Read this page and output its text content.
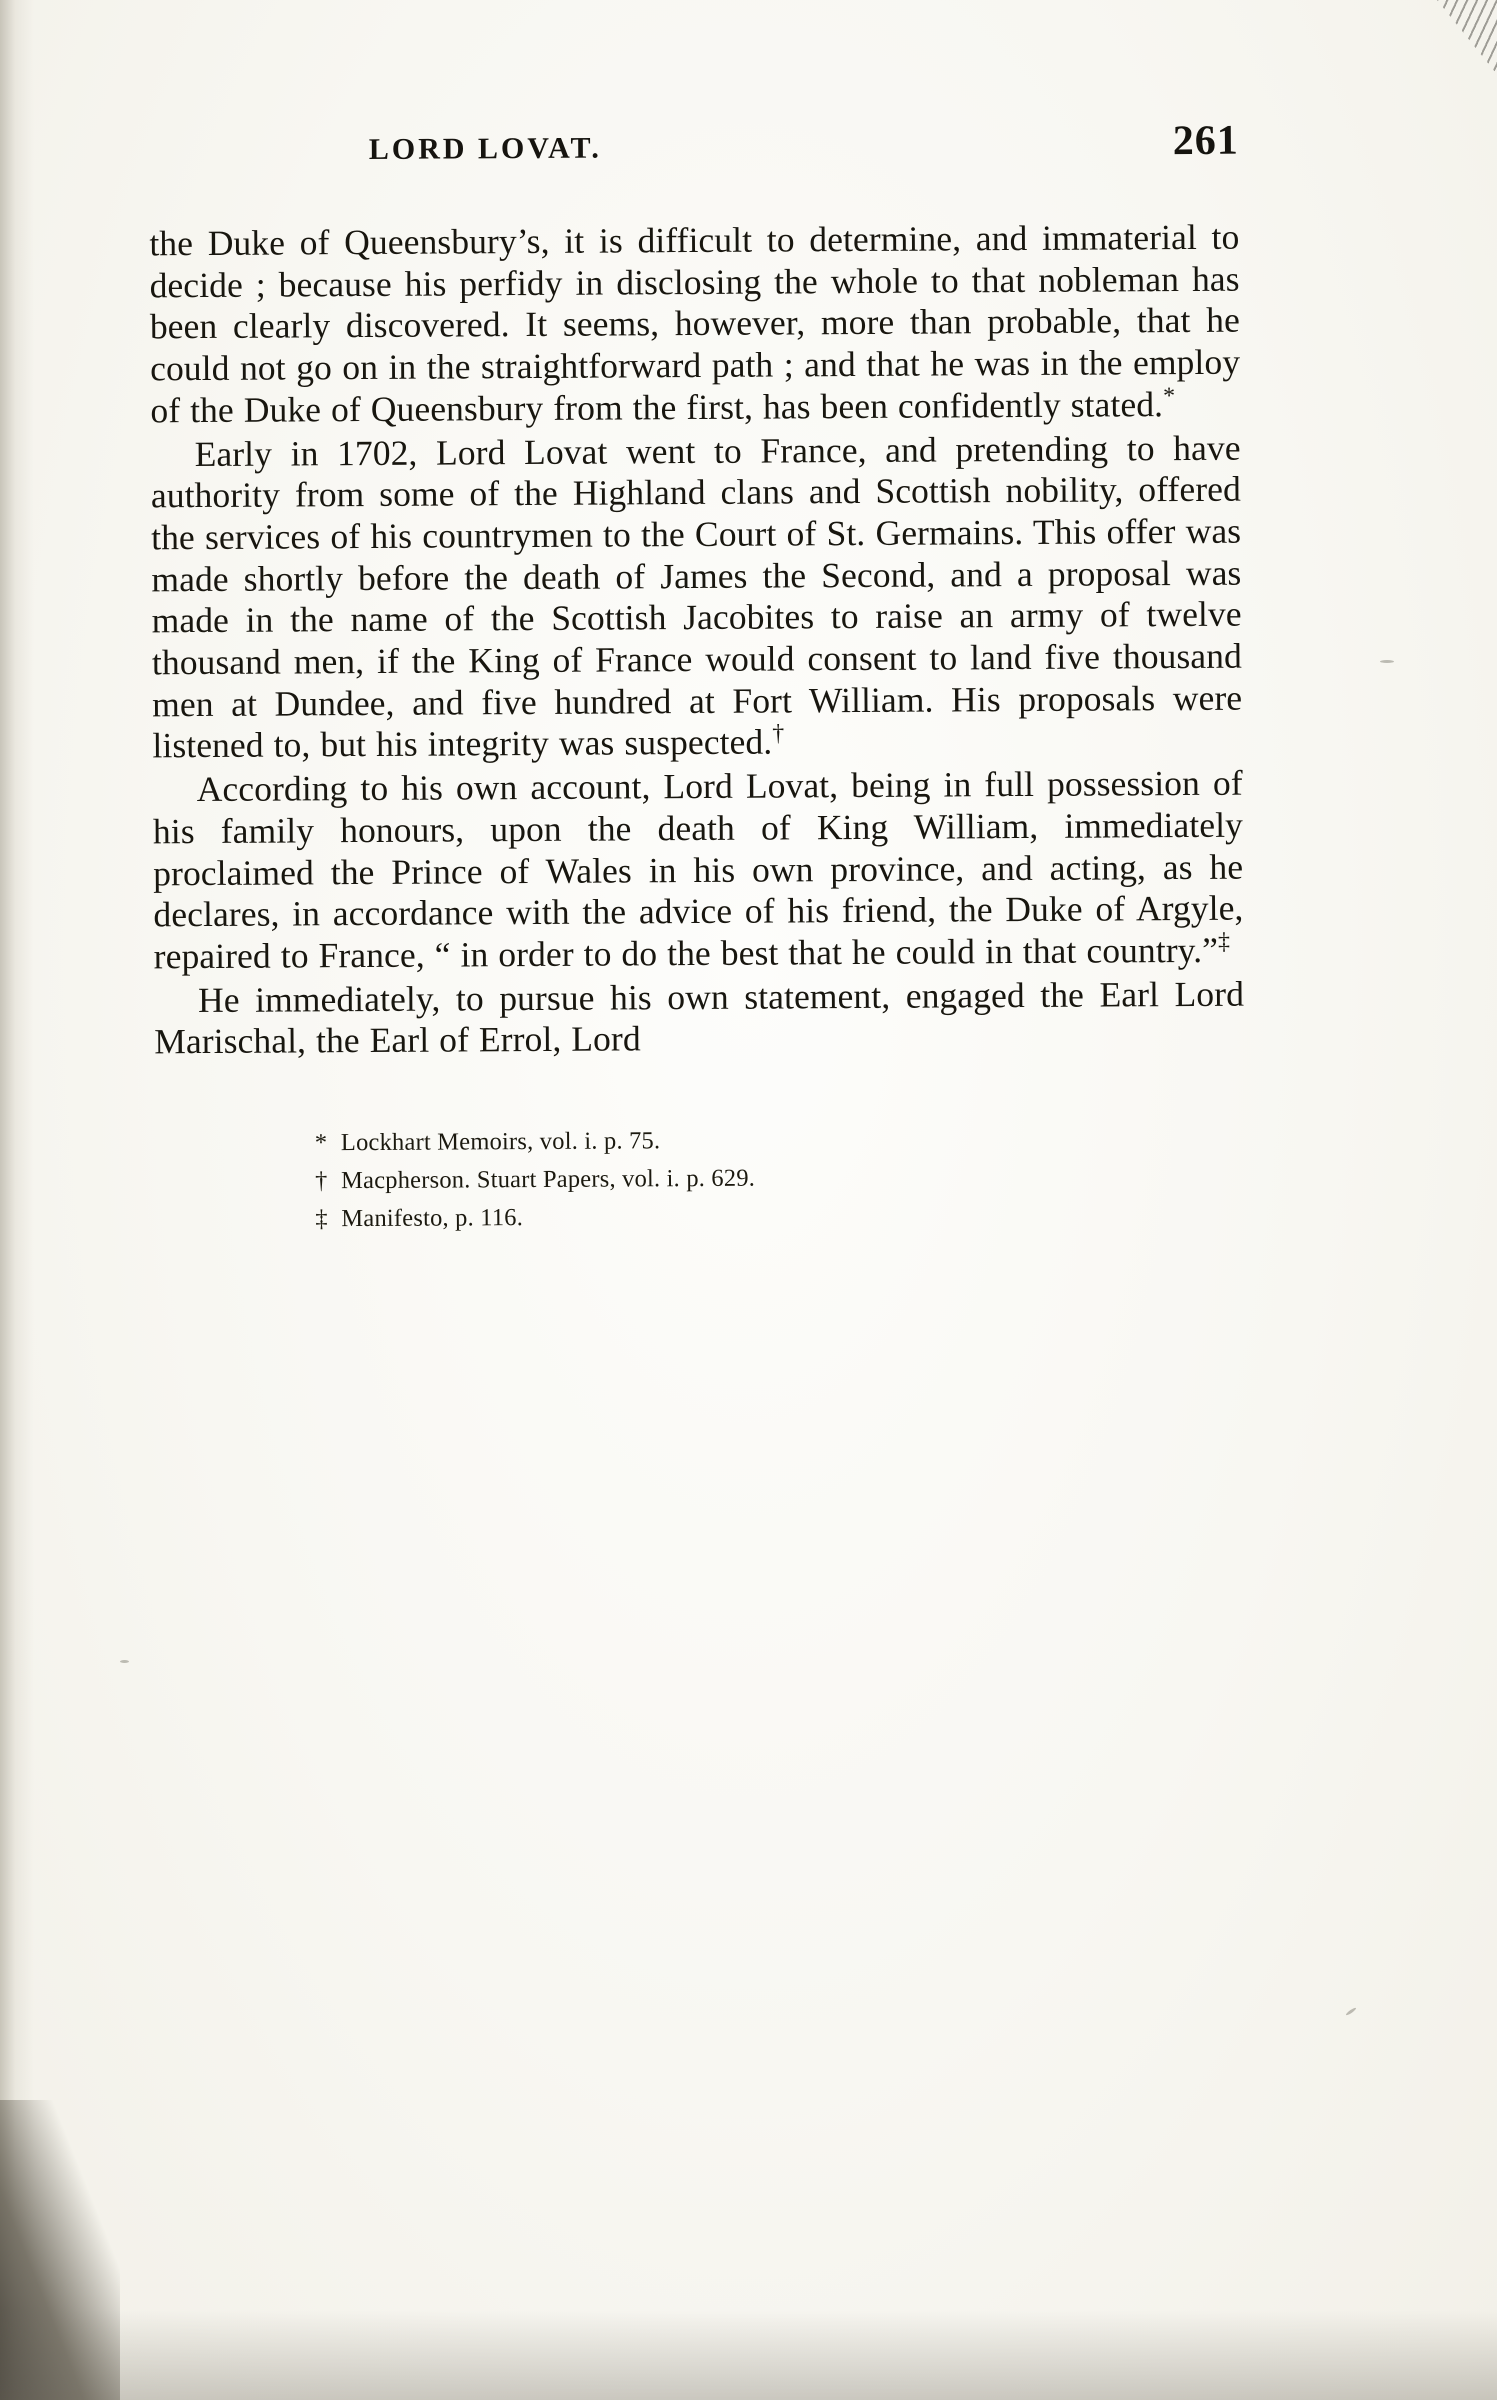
LORD LOVAT.	261

the Duke of Queensbury’s, it is difficult to determine, and immaterial to decide ; because his perfidy in disclosing the whole to that nobleman has been clearly discovered. It seems, however, more than probable, that he could not go on in the straightforward path ; and that he was in the employ of the Duke of Queensbury from the first, has been confidently stated.*

Early in 1702, Lord Lovat went to France, and pretending to have authority from some of the Highland clans and Scottish nobility, offered the services of his countrymen to the Court of St. Germains. This offer was made shortly before the death of James the Second, and a proposal was made in the name of the Scottish Jacobites to raise an army of twelve thousand men, if the King of France would consent to land five thousand men at Dundee, and five hundred at Fort William. His proposals were listened to, but his integrity was suspected.†

According to his own account, Lord Lovat, being in full possession of his family honours, upon the death of King William, immediately proclaimed the Prince of Wales in his own province, and acting, as he declares, in accordance with the advice of his friend, the Duke of Argyle, repaired to France, “ in order to do the best that he could in that country.”‡

He immediately, to pursue his own statement, engaged the Earl Lord Marischal, the Earl of Errol, Lord

* Lockhart Memoirs, vol. i. p. 75.
† Macpherson. Stuart Papers, vol. i. p. 629.
‡ Manifesto, p. 116.
